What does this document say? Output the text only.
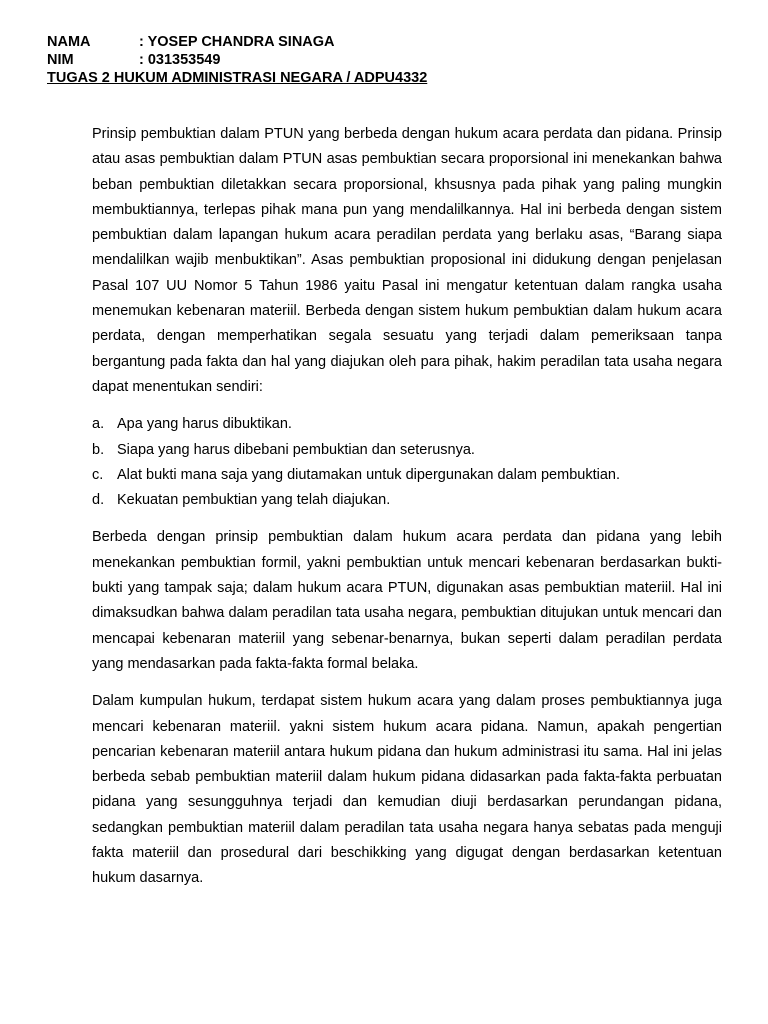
NAMA	: YOSEP CHANDRA SINAGA
NIM	: 031353549
TUGAS 2 HUKUM ADMINISTRASI NEGARA / ADPU4332

Prinsip pembuktian dalam PTUN yang berbeda dengan hukum acara perdata dan pidana. Prinsip atau asas pembuktian dalam PTUN asas pembuktian secara proporsional ini menekankan bahwa beban pembuktian diletakkan secara proporsional, khsusnya pada pihak yang paling mungkin membuktiannya, terlepas pihak mana pun yang mendalilkannya. Hal ini berbeda dengan sistem pembuktian dalam lapangan hukum acara peradilan perdata yang berlaku asas, “Barang siapa mendalilkan wajib menbuktikan”. Asas pembuktian proposional ini didukung dengan penjelasan Pasal 107 UU Nomor 5 Tahun 1986 yaitu Pasal ini mengatur ketentuan dalam rangka usaha menemukan kebenaran materiil. Berbeda dengan sistem hukum pembuktian dalam hukum acara perdata, dengan memperhatikan segala sesuatu yang terjadi dalam pemeriksaan tanpa bergantung pada fakta dan hal yang diajukan oleh para pihak, hakim peradilan tata usaha negara dapat menentukan sendiri:

a. Apa yang harus dibuktikan.
b. Siapa yang harus dibebani pembuktian dan seterusnya.
c. Alat bukti mana saja yang diutamakan untuk dipergunakan dalam pembuktian.
d. Kekuatan pembuktian yang telah diajukan.

Berbeda dengan prinsip pembuktian dalam hukum acara perdata dan pidana yang lebih menekankan pembuktian formil, yakni pembuktian untuk mencari kebenaran berdasarkan bukti-bukti yang tampak saja; dalam hukum acara PTUN, digunakan asas pembuktian materiil. Hal ini dimaksudkan bahwa dalam peradilan tata usaha negara, pembuktian ditujukan untuk mencari dan mencapai kebenaran materiil yang sebenar-benarnya, bukan seperti dalam peradilan perdata yang mendasarkan pada fakta-fakta formal belaka.

Dalam kumpulan hukum, terdapat sistem hukum acara yang dalam proses pembuktiannya juga mencari kebenaran materiil. yakni sistem hukum acara pidana. Namun, apakah pengertian pencarian kebenaran materiil antara hukum pidana dan hukum administrasi itu sama. Hal ini jelas berbeda sebab pembuktian materiil dalam hukum pidana didasarkan pada fakta-fakta perbuatan pidana yang sesungguhnya terjadi dan kemudian diuji berdasarkan perundangan pidana, sedangkan pembuktian materiil dalam peradilan tata usaha negara hanya sebatas pada menguji fakta materiil dan prosedural dari beschikking yang digugat dengan berdasarkan ketentuan hukum dasarnya.
